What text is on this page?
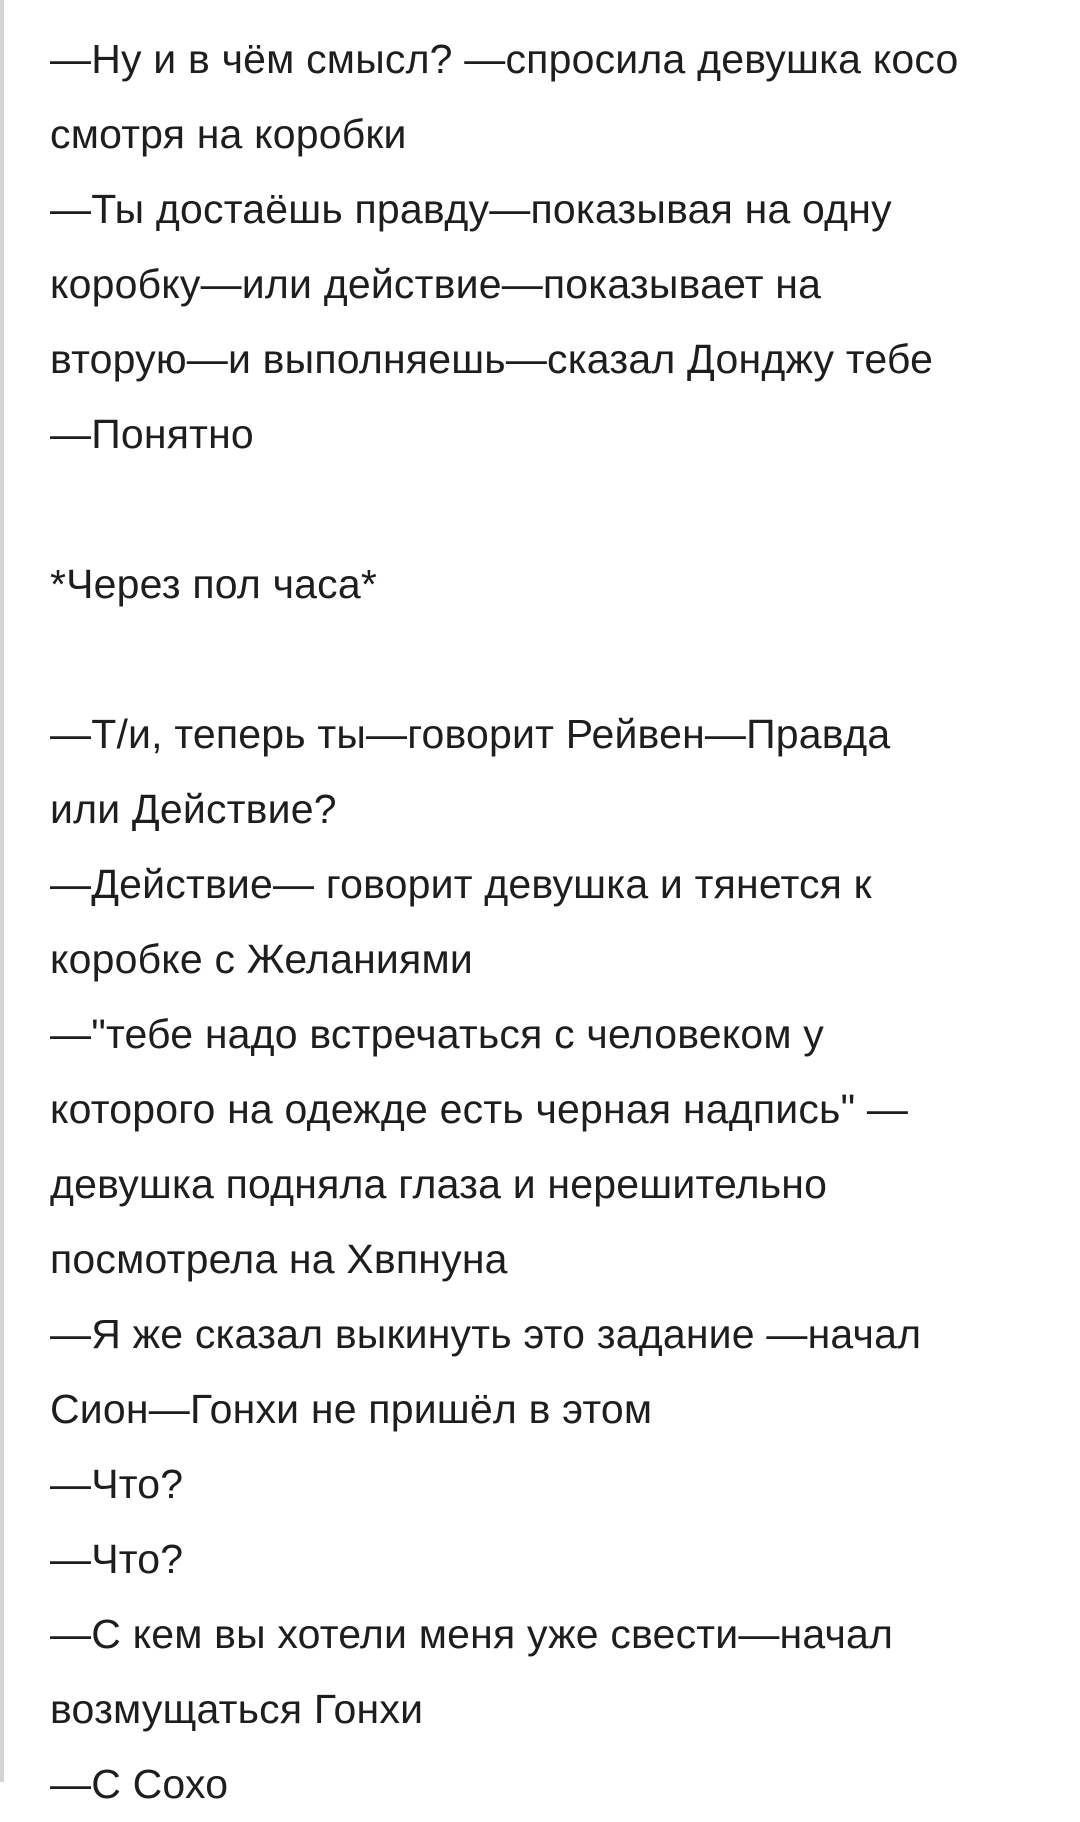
—Ну и в чём смысл? —спросила девушка косо
смотря на коробки
—Ты достаёшь правду—показывая на одну
коробку—или действие—показывает на
вторую—и выполняешь—сказал Донджу тебе
—Понятно
*Через пол часа*
—Т/и, теперь ты—говорит Рейвен—Правда
или Действие?
—Действие— говорит девушка и тянется к
коробке с Желаниями
—"тебе надо встречаться с человеком у
которого на одежде есть черная надпись" —
девушка подняла глаза и нерешительно
посмотрела на Хвпнуна
—Я же сказал выкинуть это задание —начал
Сион—Гонхи не пришёл в этом
—Что?
—Что?
—С кем вы хотели меня уже свести—начал
возмущаться Гонхи
—С Сохо
